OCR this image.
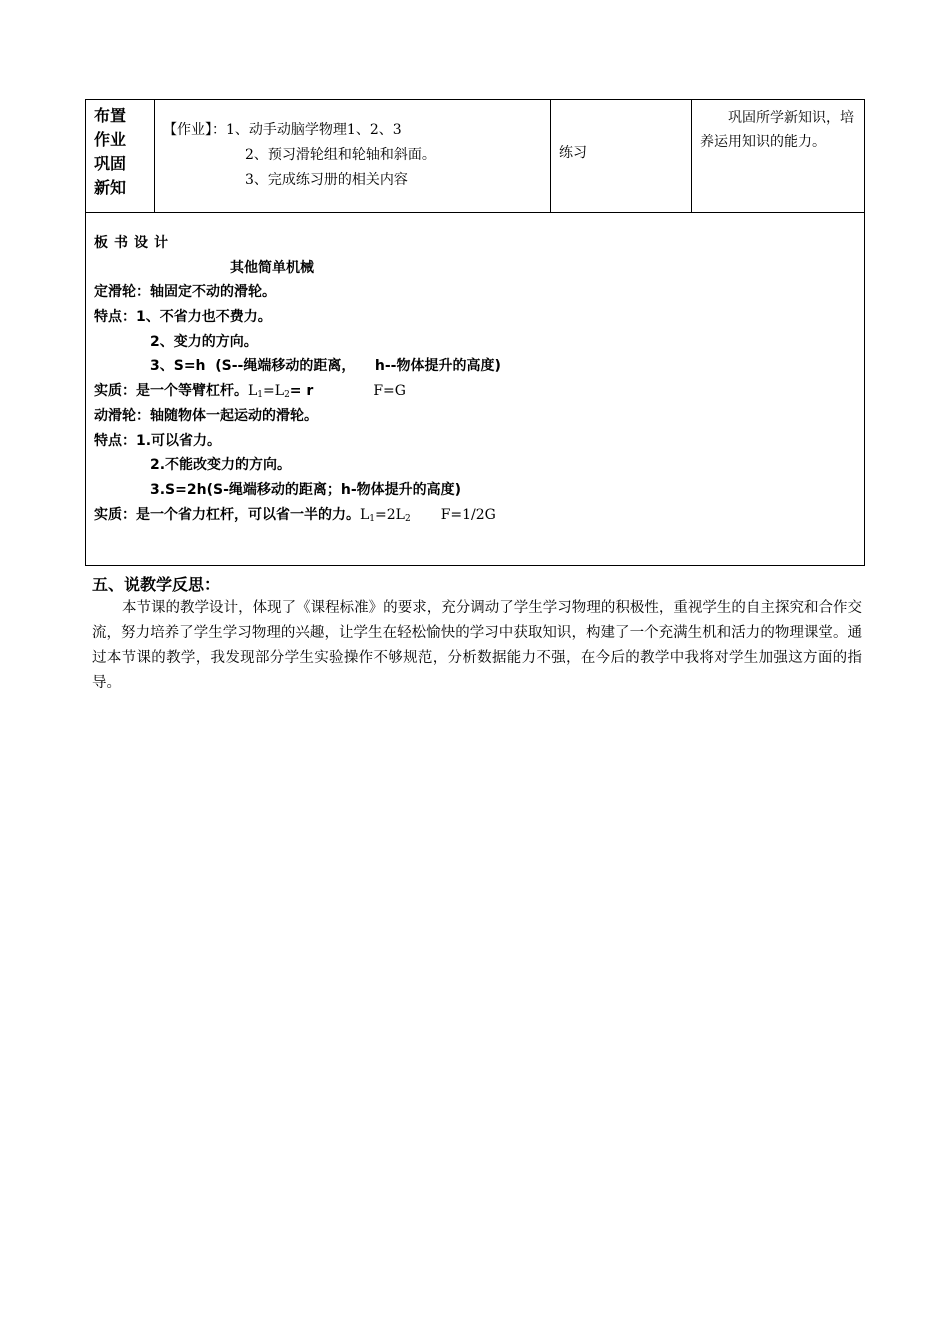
布置
作业
巩固
新知

【作业】：1、动手动脑学物理1、2、3
2、预习滑轮组和轮轴和斜面。
3、完成练习册的相关内容
	练习	巩固所学新知识，培养运用知识的能力。

板书设计
其他简单机械
定滑轮：轴固定不动的滑轮。
特点：1、不省力也不费力。
2、变力的方向。
3、S=h  (S--绳端移动的距离，    h--物体提升的高度)
实质：是一个等臂杠杆。$L_1=L_2= r$	F=G
动滑轮：轴随物体一起运动的滑轮。
特点：1.可以省力。
2.不能改变力的方向。
3.S=2h(S-绳端移动的距离；h-物体提升的高度)
实质：是一个省力杠杆，可以省一半的力。$L_1=2L_2$ F=1/2G

五、说教学反思：

本节课的教学设计，体现了《课程标准》的要求，充分调动了学生学习物理的积极性，重视学生的自主探究和合作交流，努力培养了学生学习物理的兴趣，让学生在轻松愉快的学习中获取知识，构建了一个充满生机和活力的物理课堂。通过本节课的教学，我发现部分学生实验操作不够规范，分析数据能力不强，在今后的教学中我将对学生加强这方面的指导。
